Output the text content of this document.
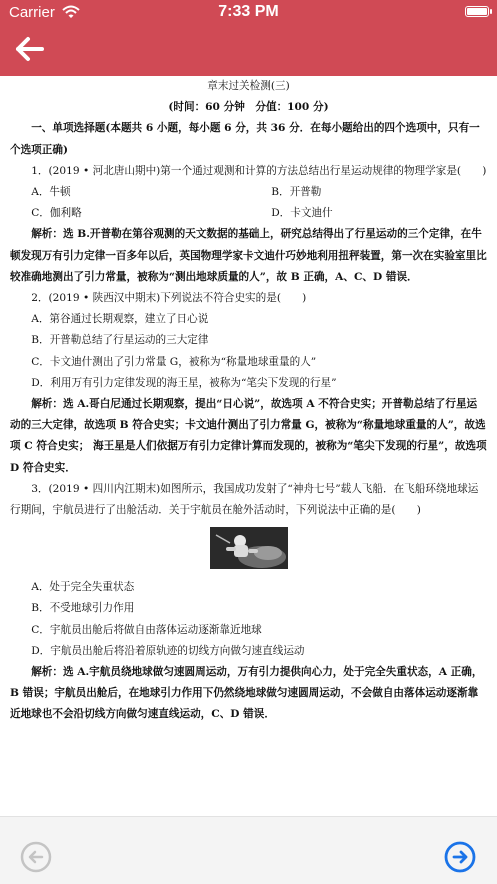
Carrier	7:33 PM

章末过关检测(三)

(时间：60 分钟　分值：100 分)

一、单项选择题(本题共 6 小题，每小题 6 分，共 36 分．在每小题给出的四个选项中，只有一个选项正确)

1．(2019 • 河北唐山期中)第一个通过观测和计算的方法总结出行星运动规律的物理学家是(　　)

A．牛顿	B．开普勒
C．伽利略	D．卡文迪什

解析：选 B.开普勒在第谷观测的天文数据的基础上，研究总结得出了行星运动的三个定律，在牛顿发现万有引力定律一百多年以后，英国物理学家卡文迪什巧妙地利用扭秤装置，第一次在实验室里比较准确地测出了引力常量，被称为“测出地球质量的人”，故 B 正确，A、C、D 错误．

2．(2019 • 陕西汉中期末)下列说法不符合史实的是(　　)

A．第谷通过长期观察，建立了日心说

B．开普勒总结了行星运动的三大定律

C．卡文迪什测出了引力常量 G，被称为“称量地球重量的人”

D．利用万有引力定律发现的海王星，被称为“笔尖下发现的行星”

解析：选 A.哥白尼通过长期观察，提出“日心说”，故选项 A 不符合史实；开普勒总结了行星运动的三大定律，故选项 B 符合史实；卡文迪什测出了引力常量 G，被称为“称量地球重量的人”，故选项 C 符合史实； 海王星是人们依据万有引力定律计算而发现的，被称为“笔尖下发现的行星”，故选项 D 符合史实．

3．(2019 • 四川内江期末)如图所示，我国成功发射了“神舟七号”载人飞船．在飞船环绕地球运行期间，宇航员进行了出舱活动．关于宇航员在舱外活动时，下列说法中正确的是(　　)

A．处于完全失重状态

B．不受地球引力作用

C．宇航员出舱后将做自由落体运动逐渐靠近地球

D．宇航员出舱后将沿着原轨迹的切线方向做匀速直线运动

解析：选 A.宇航员绕地球做匀速圆周运动，万有引力提供向心力，处于完全失重状态，A 正确，B 错误；宇航员出舱后，在地球引力作用下仍然绕地球做匀速圆周运动，不会做自由落体运动逐渐靠近地球也不会沿切线方向做匀速直线运动，C、D 错误．
